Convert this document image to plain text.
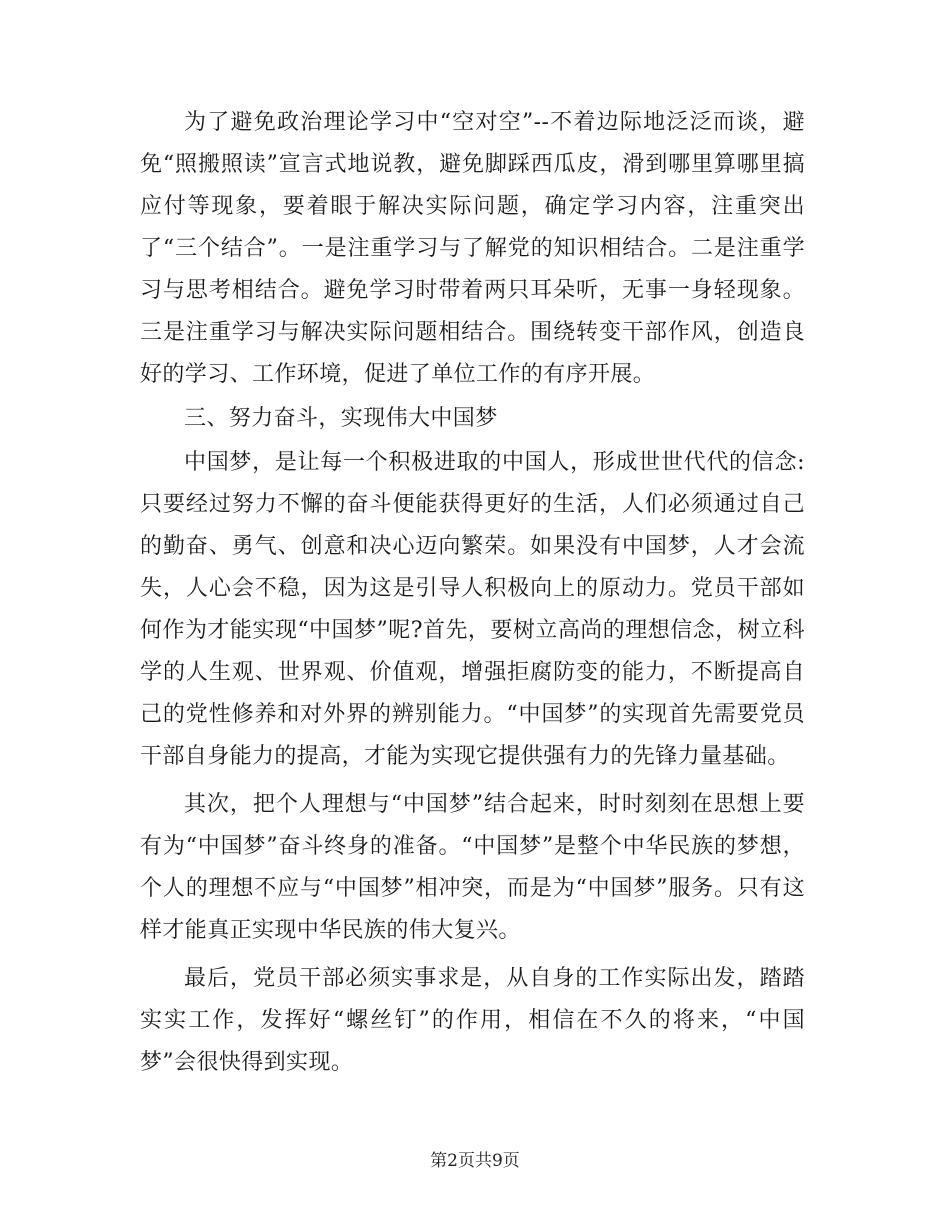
为了避免政治理论学习中“空对空”--不着边际地泛泛而谈，避免“照搬照读”宣言式地说教，避免脚踩西瓜皮，滑到哪里算哪里搞应付等现象，要着眼于解决实际问题，确定学习内容，注重突出了“三个结合”。一是注重学习与了解党的知识相结合。二是注重学习与思考相结合。避免学习时带着两只耳朵听，无事一身轻现象。三是注重学习与解决实际问题相结合。围绕转变干部作风，创造良好的学习、工作环境，促进了单位工作的有序开展。

三、努力奋斗，实现伟大中国梦

中国梦，是让每一个积极进取的中国人，形成世世代代的信念:只要经过努力不懈的奋斗便能获得更好的生活，人们必须通过自己的勤奋、勇气、创意和决心迈向繁荣。如果没有中国梦，人才会流失，人心会不稳，因为这是引导人积极向上的原动力。党员干部如何作为才能实现“中国梦”呢?首先，要树立高尚的理想信念，树立科学的人生观、世界观、价值观，增强拒腐防变的能力，不断提高自己的党性修养和对外界的辨别能力。“中国梦”的实现首先需要党员干部自身能力的提高，才能为实现它提供强有力的先锋力量基础。

其次，把个人理想与“中国梦”结合起来，时时刻刻在思想上要有为“中国梦”奋斗终身的准备。“中国梦”是整个中华民族的梦想，个人的理想不应与“中国梦”相冲突，而是为“中国梦”服务。只有这样才能真正实现中华民族的伟大复兴。

最后，党员干部必须实事求是，从自身的工作实际出发，踏踏实实工作，发挥好“螺丝钉”的作用，相信在不久的将来，“中国梦”会很快得到实现。

第2页共9页
